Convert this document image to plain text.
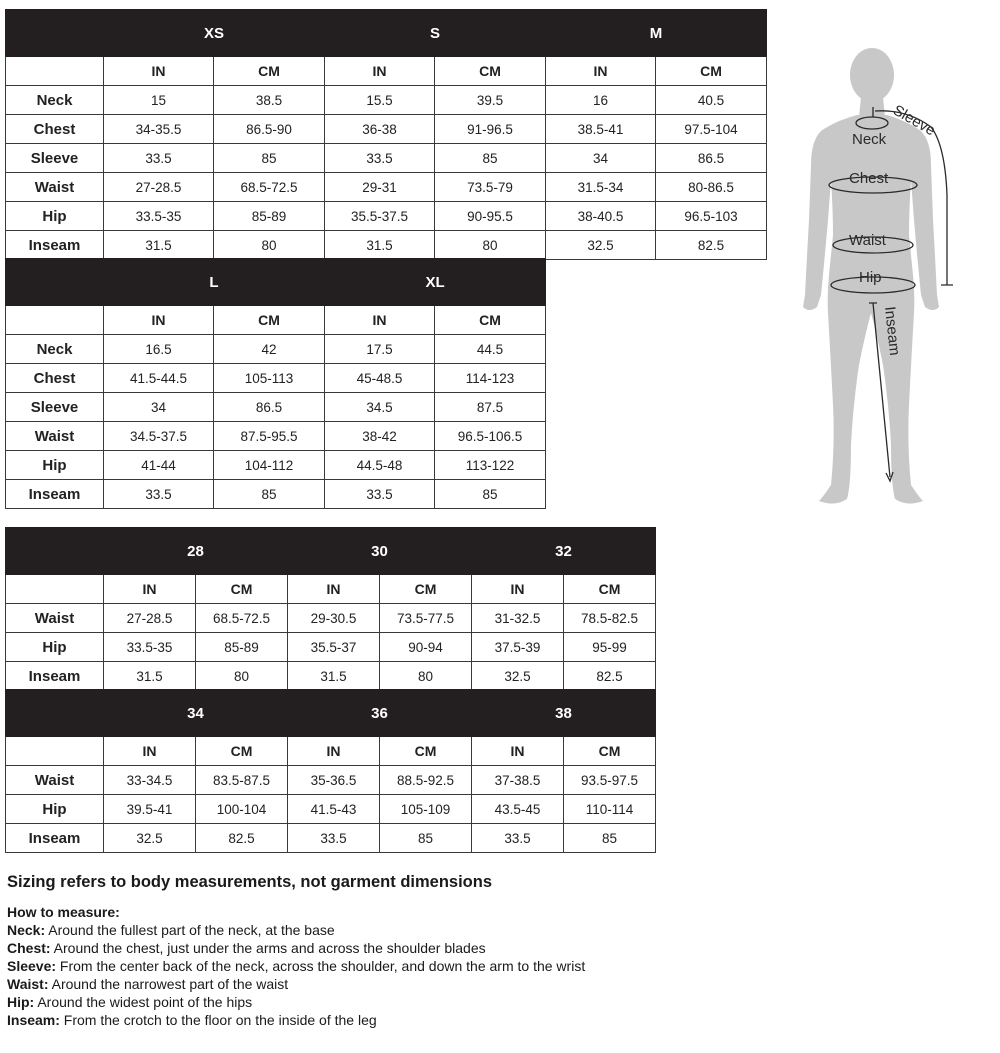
	XS		S		M	
	IN	CM	IN	CM	IN	CM
Neck	15	38.5	15.5	39.5	16	40.5
Chest	34-35.5	86.5-90	36-38	91-96.5	38.5-41	97.5-104
Sleeve	33.5	85	33.5	85	34	86.5
Waist	27-28.5	68.5-72.5	29-31	73.5-79	31.5-34	80-86.5
Hip	33.5-35	85-89	35.5-37.5	90-95.5	38-40.5	96.5-103
Inseam	31.5	80	31.5	80	32.5	82.5
	L		XL	
	IN	CM	IN	CM
Neck	16.5	42	17.5	44.5
Chest	41.5-44.5	105-113	45-48.5	114-123
Sleeve	34	86.5	34.5	87.5
Waist	34.5-37.5	87.5-95.5	38-42	96.5-106.5
Hip	41-44	104-112	44.5-48	113-122
Inseam	33.5	85	33.5	85
	28		30		32	
	IN	CM	IN	CM	IN	CM
Waist	27-28.5	68.5-72.5	29-30.5	73.5-77.5	31-32.5	78.5-82.5
Hip	33.5-35	85-89	35.5-37	90-94	37.5-39	95-99
Inseam	31.5	80	31.5	80	32.5	82.5
	34		36		38	
	IN	CM	IN	CM	IN	CM
Waist	33-34.5	83.5-87.5	35-36.5	88.5-92.5	37-38.5	93.5-97.5
Hip	39.5-41	100-104	41.5-43	105-109	43.5-45	110-114
Inseam	32.5	82.5	33.5	85	33.5	85
Sleeve
Neck
Chest
Waist
Hip
Inseam

Sizing refers to body measurements, not garment dimensions

How to measure:

Neck: Around the fullest part of the neck, at the base

Chest: Around the chest, just under the arms and across the shoulder blades

Sleeve: From the center back of the neck, across the shoulder, and down the arm to the wrist

Waist: Around the narrowest part of the waist

Hip: Around the widest point of the hips

Inseam: From the crotch to the floor on the inside of the leg
